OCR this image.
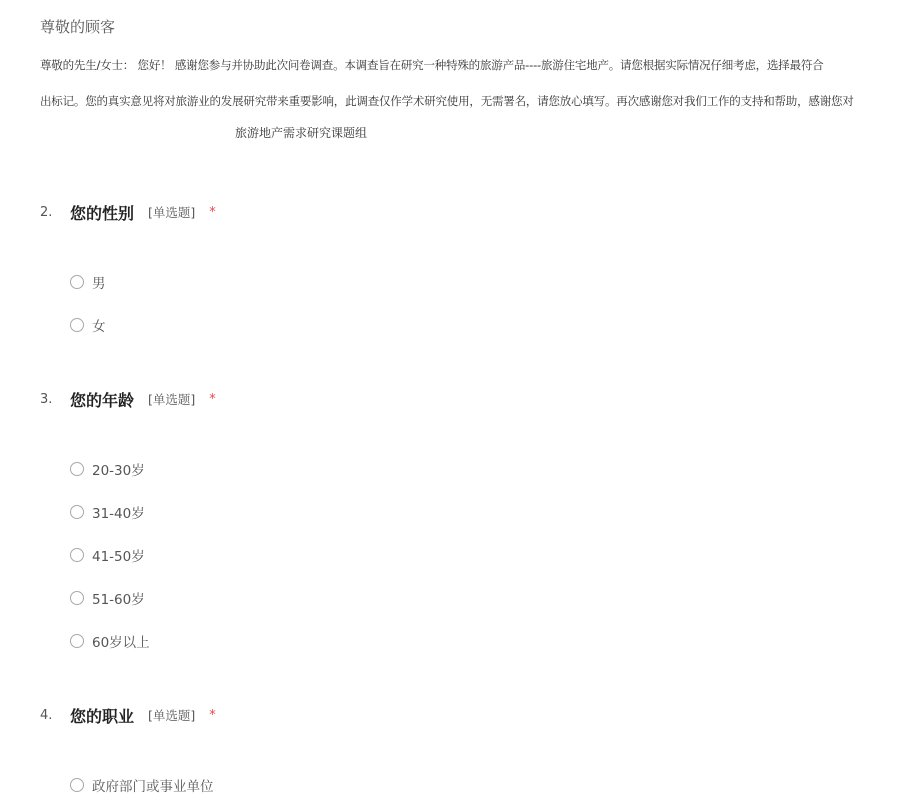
尊敬的顾客
尊敬的先生/女士： 您好！ 感谢您参与并协助此次问卷调查。本调查旨在研究一种特殊的旅游产品----旅游住宅地产。请您根据实际情况仔细考虑，选择最符合
出标记。您的真实意见将对旅游业的发展研究带来重要影响，此调查仅作学术研究使用，无需署名，请您放心填写。再次感谢您对我们工作的支持和帮助，感谢您对
旅游地产需求研究课题组
2.	您的性别 [单选题] *
男
女
3.	您的年龄 [单选题] *
20-30岁
31-40岁
41-50岁
51-60岁
60岁以上
4.	您的职业 [单选题] *
政府部门或事业单位
